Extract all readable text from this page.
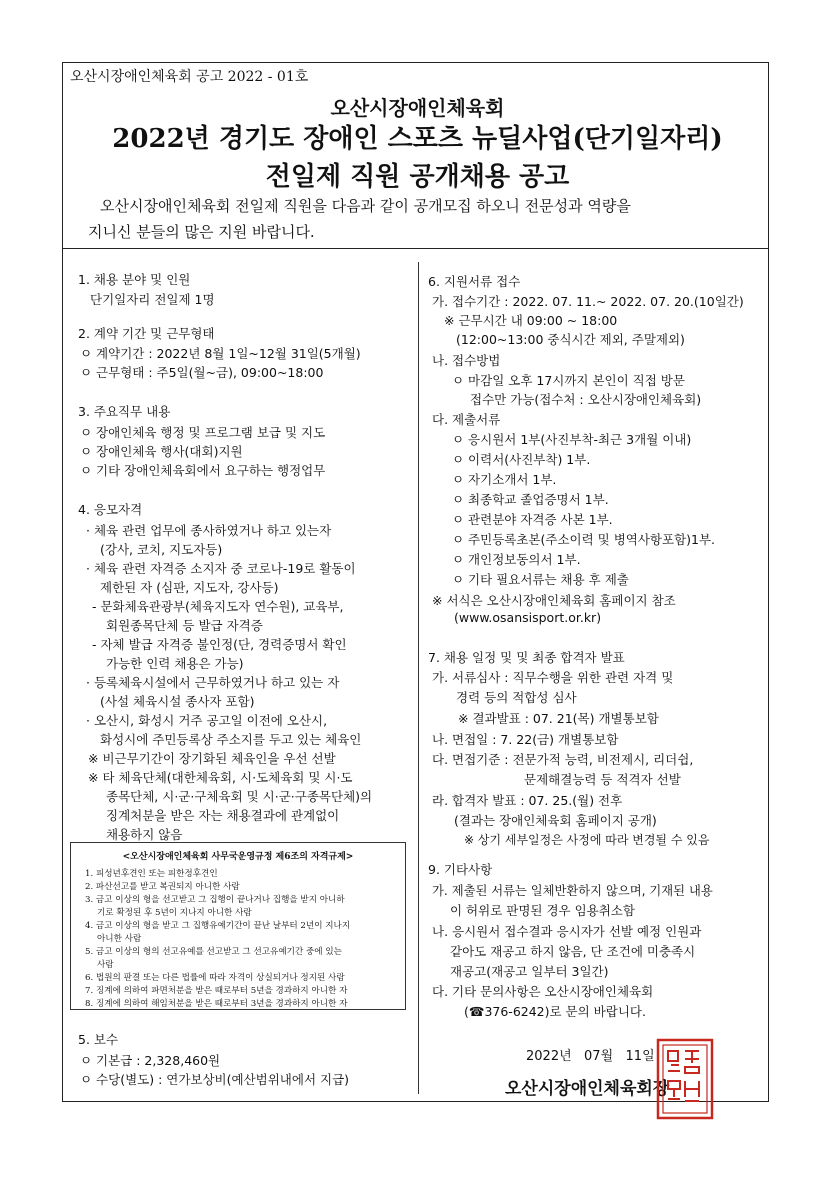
오산시장애인체육회 공고 2022 - 01호
오산시장애인체육회
2022년 경기도 장애인 스포츠 뉴딜사업(단기일자리)
전일제 직원 공개채용 공고

오산시장애인체육회 전일제 직원을 다음과 같이 공개모집 하오니 전문성과 역량을

지니신 분들의 많은 지원 바랍니다.

1. 채용 분야 및 인원
단기일자리 전일제 1명
2. 계약 기간 및 근무형태
ㅇ 계약기간 : 2022년 8월 1일~12월 31일(5개월)
ㅇ 근무형태 : 주5일(월~금), 09:00~18:00
3. 주요직무 내용
ㅇ 장애인체육 행정 및 프로그램 보급 및 지도
ㅇ 장애인체육 행사(대회)지원
ㅇ 기타 장애인체육회에서 요구하는 행정업무
4. 응모자격
· 체육 관련 업무에 종사하였거나 하고 있는자
(강사, 코치, 지도자등)
· 체육 관련 자격증 소지자 중 코로나-19로 활동이
제한된 자 (심판, 지도자, 강사등)
- 문화체육관광부(체육지도자 연수원), 교육부,
회원종목단체 등 발급 자격증
- 자체 발급 자격증 불인정(단, 경력증명서 확인
가능한 인력 채용은 가능)
· 등록체육시설에서 근무하였거나 하고 있는 자
(사설 체육시설 종사자 포함)
· 오산시, 화성시 거주 공고일 이전에 오산시,
화성시에 주민등록상 주소지를 두고 있는 체육인
※ 비근무기간이 장기화된 체육인을 우선 선발
※ 타 체육단체(대한체육회, 시·도체육회 및 시·도
종목단체, 시·군·구체육회 및 시·군·구종목단체)의
징계처분을 받은 자는 채용결과에 관계없이
채용하지 않음
5. 보수
ㅇ 기본급 : 2,328,460원
ㅇ 수당(별도) : 연가보상비(예산범위내에서 지급)
<오산시장애인체육회 사무국운영규정 제6조의 자격규제>
1. 피성년후견인 또는 피한정후견인
2. 파산선고를 받고 복권되지 아니한 사람
3. 금고 이상의 형을 선고받고 그 집행이 끝나거나 집행을 받지 아니하
기로 확정된 후 5년이 지나지 아니한 사람
4. 금고 이상의 형을 받고 그 집행유예기간이 끝난 날부터 2년이 지나지
아니한 사람
5. 금고 이상의 형의 선고유예를 선고받고 그 선고유예기간 중에 있는
사람
6. 법원의 판결 또는 다른 법률에 따라 자격이 상실되거나 정지된 사람
7. 징계에 의하여 파면처분을 받은 때로부터 5년을 경과하지 아니한 자
8. 징계에 의하여 해임처분을 받은 때로부터 3년을 경과하지 아니한 자
6. 지원서류 접수
가. 접수기간 : 2022. 07. 11.~ 2022. 07. 20.(10일간)
※ 근무시간 내 09:00 ~ 18:00
(12:00~13:00 중식시간 제외, 주말제외)
나. 접수방법
ㅇ 마감일 오후 17시까지 본인이 직접 방문
접수만 가능(접수처 : 오산시장애인체육회)
다. 제출서류
ㅇ 응시원서 1부(사진부착-최근 3개월 이내)
ㅇ 이력서(사진부착) 1부.
ㅇ 자기소개서 1부.
ㅇ 최종학교 졸업증명서 1부.
ㅇ 관련분야 자격증 사본 1부.
ㅇ 주민등록초본(주소이력 및 병역사항포함)1부.
ㅇ 개인정보동의서 1부.
ㅇ 기타 필요서류는 채용 후 제출
※ 서식은 오산시장애인체육회 홈페이지 참조
(www.osansisport.or.kr)
7. 채용 일정 및 및 최종 합격자 발표
가. 서류심사 : 직무수행을 위한 관련 자격 및
경력 등의 적합성 심사
※ 결과발표 : 07. 21(목) 개별통보함
나. 면접일 : 7. 22(금) 개별통보함
다. 면접기준 : 전문가적 능력, 비전제시, 리더쉽,
문제해결능력 등 적격자 선발
라. 합격자 발표 : 07. 25.(월) 전후
(결과는 장애인체육회 홈페이지 공개)
※ 상기 세부일정은 사정에 따라 변경될 수 있음
9. 기타사항
가. 제출된 서류는 일체반환하지 않으며, 기재된 내용
이 허위로 판명된 경우 임용취소함
나. 응시원서 접수결과 응시자가 선발 예정 인원과
같아도 재공고 하지 않음, 단 조건에 미충족시
재공고(재공고 일부터 3일간)
다. 기타 문의사항은 오산시장애인체육회
(☎376-6242)로 문의 바랍니다.
2022년   07월   11일
오산시장애인체육회장
